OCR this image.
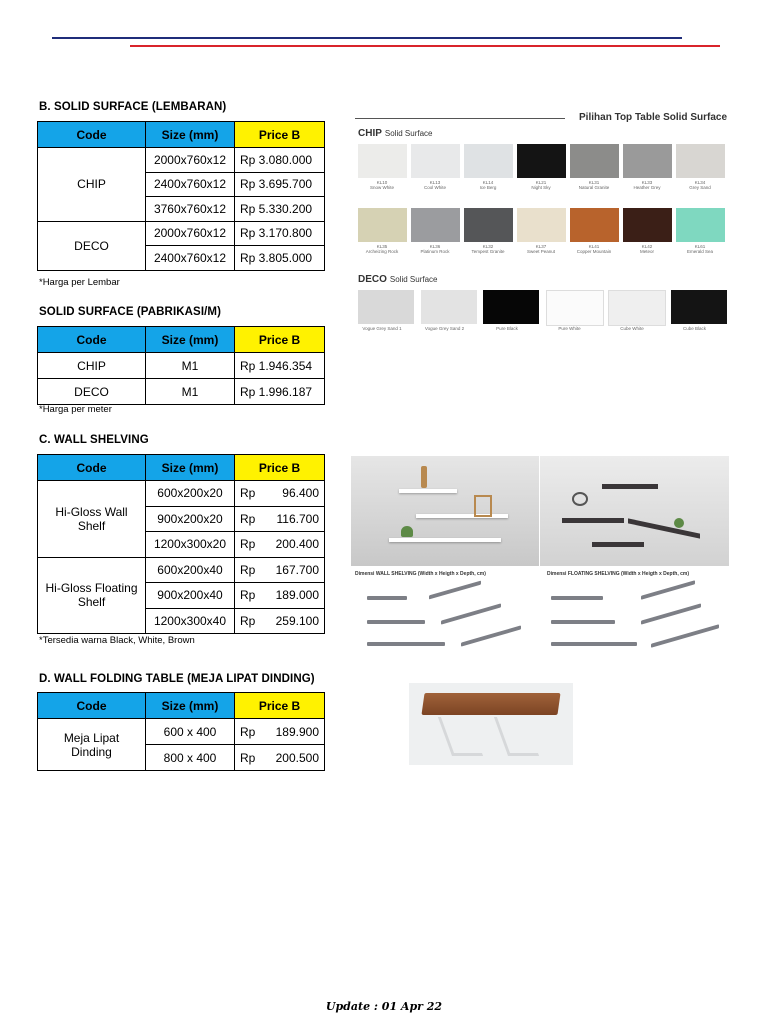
B. SOLID SURFACE (LEMBARAN)
Code	Size (mm)	Price B
CHIP	2000x760x12	Rp 3.080.000
	2400x760x12	Rp 3.695.700
	3760x760x12	Rp 5.330.200
DECO	2000x760x12	Rp 3.170.800
	2400x760x12	Rp 3.805.000
*Harga per Lembar
SOLID SURFACE (PABRIKASI/M)
Code	Size (mm)	Price B
CHIP	M1	Rp 1.946.354
DECO	M1	Rp 1.996.187
*Harga per meter
C. WALL SHELVING
Code	Size (mm)	Price B
Hi-Gloss Wall Shelf	600x200x20	Rp 96.400

	900x200x20	Rp 116.700

	1200x300x20	Rp 200.400

Hi-Gloss Floating Shelf	600x200x40	Rp 167.700

	900x200x40	Rp 189.000

	1200x300x40	Rp 259.100
*Tersedia warna Black, White, Brown
D. WALL FOLDING TABLE (MEJA LIPAT DINDING)
Code	Size (mm)	Price B
Meja Lipat Dinding	600 x 400	Rp 189.900

	800 x 400	Rp 200.500
Pilihan Top Table Solid Surface
CHIP Solid Surface
KL10
Snow White
KL13
Cool White
KL14
Ice Berg
KL21
Night Sky
KL31
Natural Granite
KL33
Heather Grey
KL34
Grey Sand
KL35
Archeizing Rock
KL36
Platinum Rock
KL32
Tempest Granite
KL37
Sweet Peanut
KL41
Copper Mountain
KL42
Meteor
KL61
Emerald Sea
DECO Solid Surface
Vogue Grey Sand 1	Vogue Grey Sand 2	Pure Black	Pure White	Cube White	Cube Black
Dimensi WALL SHELVING (Width x Heigth x Depth, cm)	Dimensi FLOATING SHELVING (Width x Heigth x Depth, cm)
Update : 01 Apr 22
